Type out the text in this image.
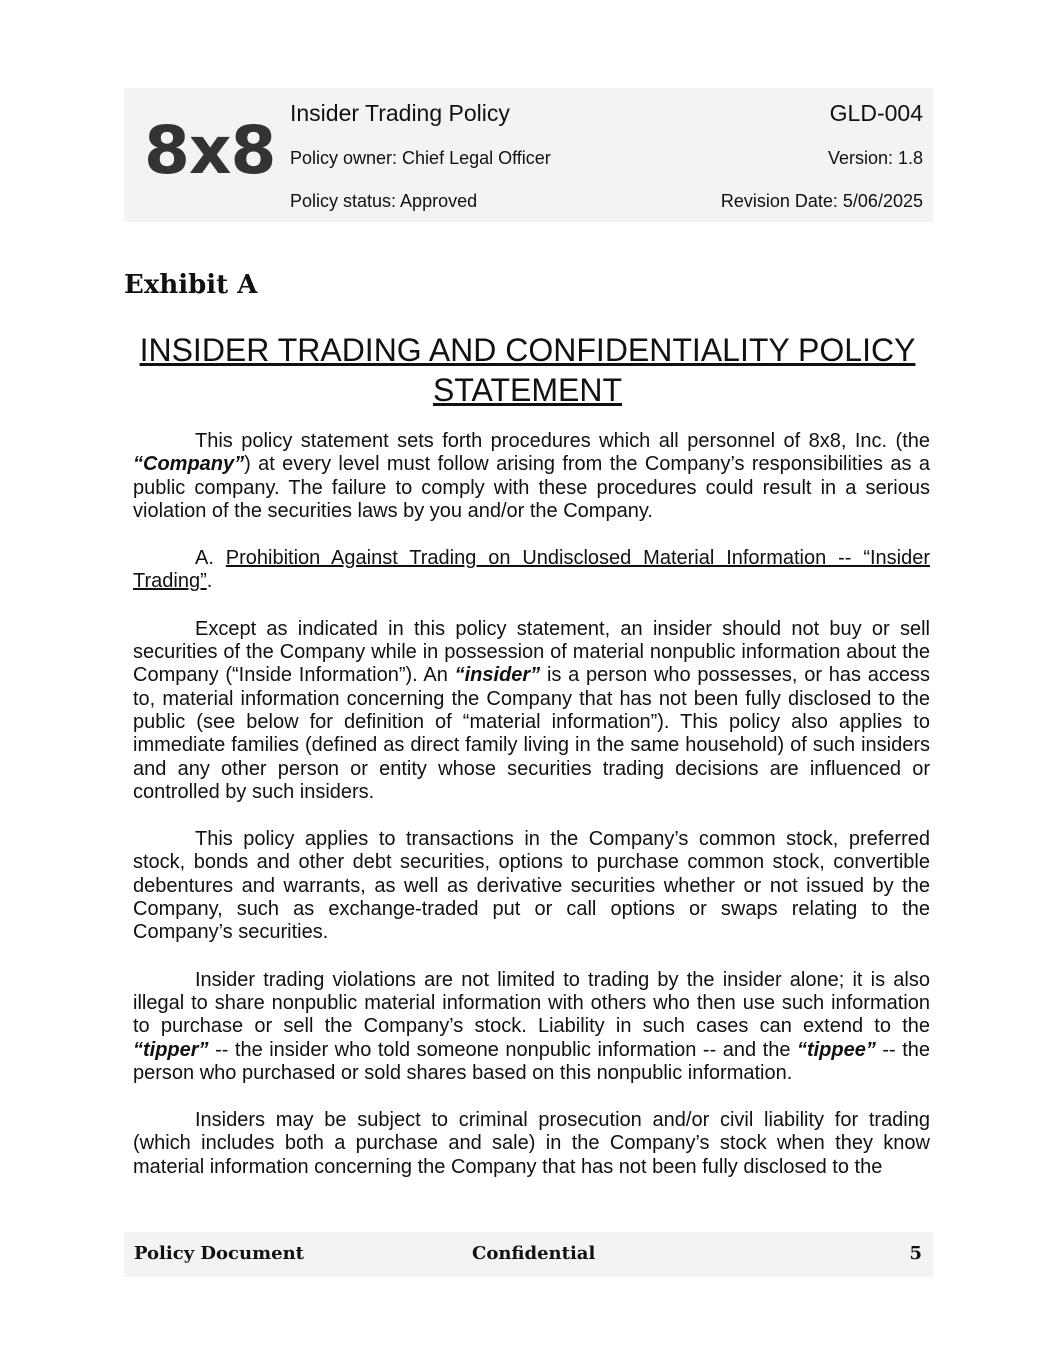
8x8 Insider Trading Policy	GLD-004
Policy owner: Chief Legal Officer	Version: 1.8
Policy status: Approved	Revision Date: 5/06/2025
Exhibit A
INSIDER TRADING AND CONFIDENTIALITY POLICY STATEMENT

This policy statement sets forth procedures which all personnel of 8x8, Inc. (the “Company”) at every level must follow arising from the Company’s responsibilities as a public company. The failure to comply with these procedures could result in a serious violation of the securities laws by you and/or the Company.

A. Prohibition Against Trading on Undisclosed Material Information -- “Insider Trading”.

Except as indicated in this policy statement, an insider should not buy or sell securities of the Company while in possession of material nonpublic information about the Company (“Inside Information”). An “insider” is a person who possesses, or has access to, material information concerning the Company that has not been fully disclosed to the public (see below for definition of “material information”). This policy also applies to immediate families (defined as direct family living in the same household) of such insiders and any other person or entity whose securities trading decisions are influenced or controlled by such insiders.

This policy applies to transactions in the Company’s common stock, preferred stock, bonds and other debt securities, options to purchase common stock, convertible debentures and warrants, as well as derivative securities whether or not issued by the Company, such as exchange-traded put or call options or swaps relating to the Company’s securities.

Insider trading violations are not limited to trading by the insider alone; it is also illegal to share nonpublic material information with others who then use such information to purchase or sell the Company’s stock. Liability in such cases can extend to the “tipper” -- the insider who told someone nonpublic information -- and the “tippee” -- the person who purchased or sold shares based on this nonpublic information.

Insiders may be subject to criminal prosecution and/or civil liability for trading (which includes both a purchase and sale) in the Company’s stock when they know material information concerning the Company that has not been fully disclosed to the

Policy Document	Confidential	5
